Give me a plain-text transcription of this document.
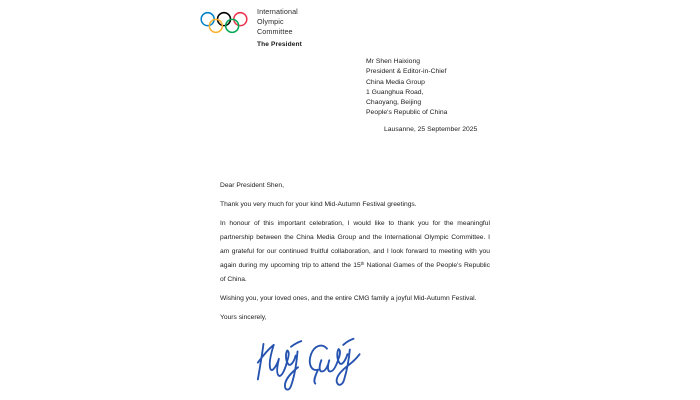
International
Olympic
Committee
The President
Mr Shen Haixiong
President & Editor-in-Chief
China Media Group
1 Guanghua Road,
Chaoyang, Beijing
People's Republic of China
Lausanne, 25 September 2025

Dear President Shen,

Thank you very much for your kind Mid-Autumn Festival greetings.

In honour of this important celebration, I would like to thank you for the meaningful partnership between the China Media Group and the International Olympic Committee. I am grateful for our continued fruitful collaboration, and I look forward to meeting with you again during my upcoming trip to attend the 15th National Games of the People's Republic of China.

Wishing you, your loved ones, and the entire CMG family a joyful Mid-Autumn Festival.

Yours sincerely,
